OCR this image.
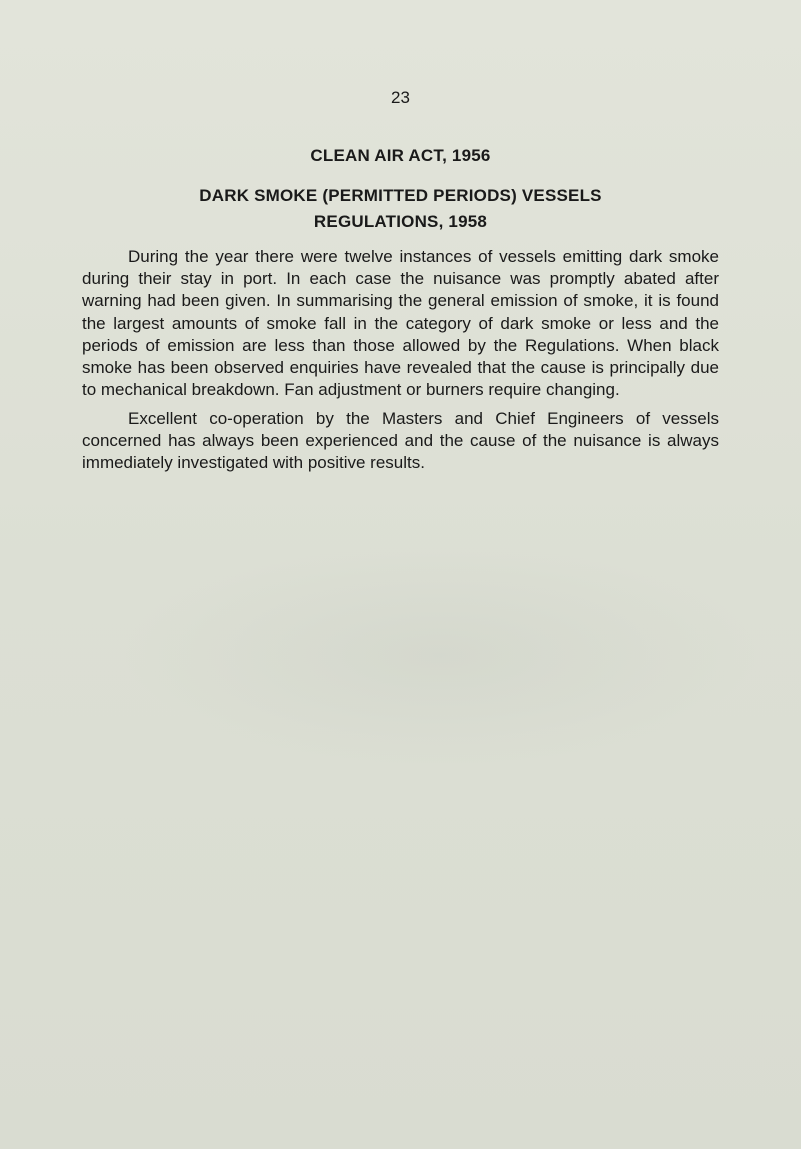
23
CLEAN AIR ACT, 1956
DARK SMOKE (PERMITTED PERIODS) VESSELS
REGULATIONS, 1958

During the year there were twelve instances of vessels emitting dark smoke during their stay in port. In each case the nuisance was promptly abated after warning had been given. In summarising the general emission of smoke, it is found the largest amounts of smoke fall in the category of dark smoke or less and the periods of emission are less than those allowed by the Regulations. When black smoke has been observed enquiries have revealed that the cause is principally due to mechanical breakdown. Fan adjustment or burners require changing.

Excellent co-operation by the Masters and Chief Engineers of vessels concerned has always been experienced and the cause of the nuisance is always immediately investigated with positive results.
